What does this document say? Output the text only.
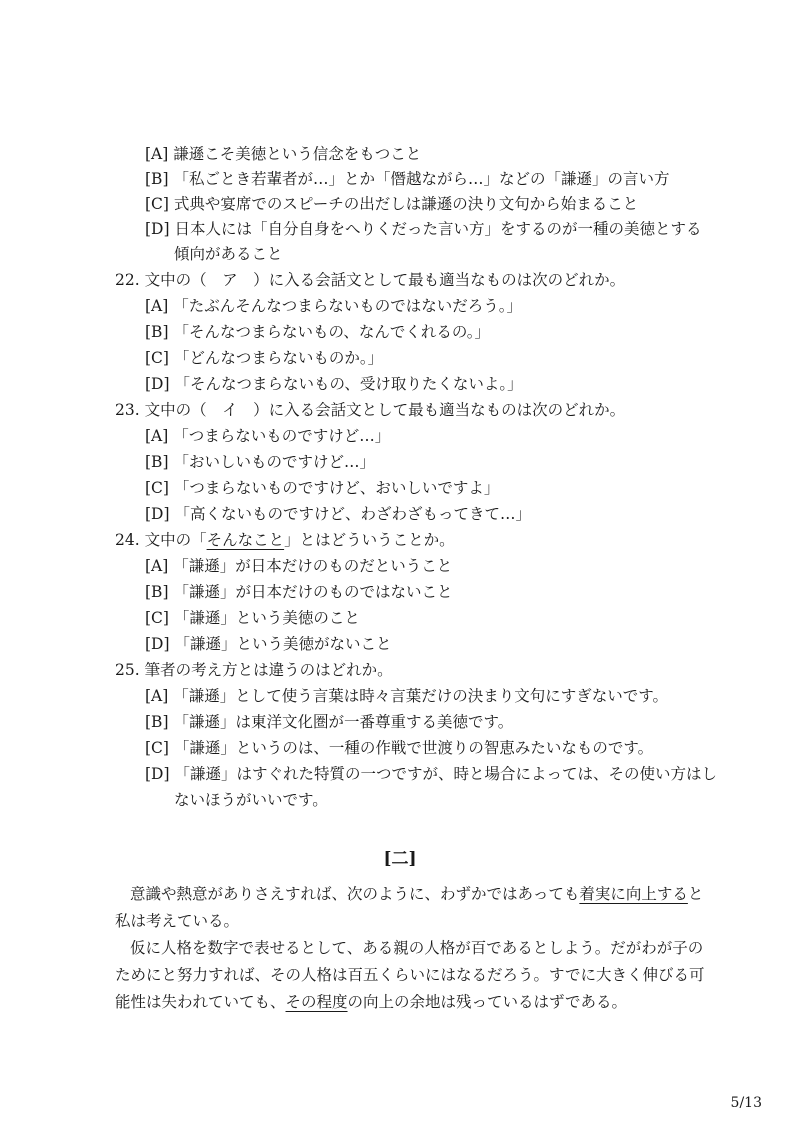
[A] 謙遜こそ美徳という信念をもつこと
[B] 「私ごとき若輩者が…」とか「僭越ながら…」などの「謙遜」の言い方
[C] 式典や宴席でのスピーチの出だしは謙遜の決り文句から始まること
[D] 日本人には「自分自身をへりくだった言い方」をするのが一種の美徳とする
傾向があること
22. 文中の（　ア　）に入る会話文として最も適当なものは次のどれか。
[A] 「たぶんそんなつまらないものではないだろう。」
[B] 「そんなつまらないもの、なんでくれるの。」
[C] 「どんなつまらないものか。」
[D] 「そんなつまらないもの、受け取りたくないよ。」
23. 文中の（　イ　）に入る会話文として最も適当なものは次のどれか。
[A] 「つまらないものですけど…」
[B] 「おいしいものですけど…」
[C] 「つまらないものですけど、おいしいですよ」
[D] 「高くないものですけど、わざわざもってきて…」
24. 文中の「そんなこと」とはどういうことか。
[A] 「謙遜」が日本だけのものだということ
[B] 「謙遜」が日本だけのものではないこと
[C] 「謙遜」という美徳のこと
[D] 「謙遜」という美徳がないこと
25. 筆者の考え方とは違うのはどれか。
[A] 「謙遜」として使う言葉は時々言葉だけの決まり文句にすぎないです。
[B] 「謙遜」は東洋文化圏が一番尊重する美徳です。
[C] 「謙遜」というのは、一種の作戦で世渡りの智恵みたいなものです。
[D] 「謙遜」はすぐれた特質の一つですが、時と場合によっては、その使い方はし
ないほうがいいです。
[二]
意識や熱意がありさえすれば、次のように、わずかではあっても着実に向上すると
私は考えている。
仮に人格を数字で表せるとして、ある親の人格が百であるとしよう。だがわが子の
ためにと努力すれば、その人格は百五くらいにはなるだろう。すでに大きく伸びる可
能性は失われていても、その程度の向上の余地は残っているはずである。
5/13
